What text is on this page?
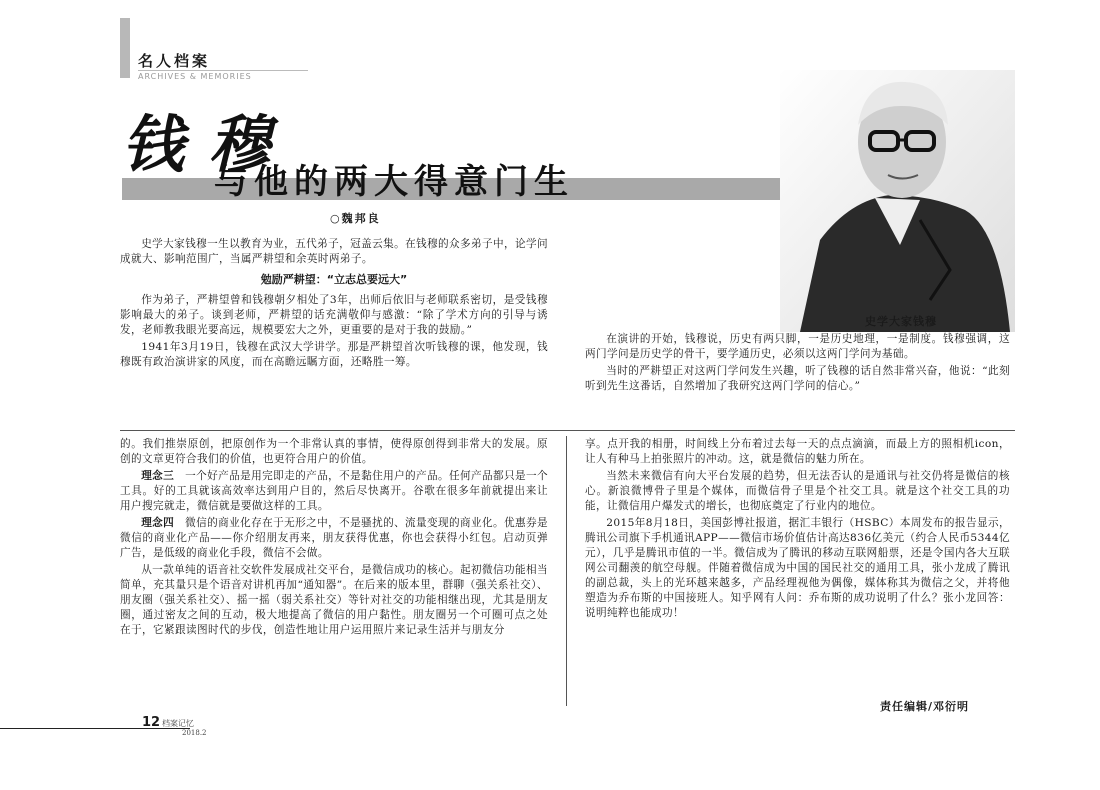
名人档案
ARCHIVES & MEMORIES
钱穆
与他的两大得意门生
○魏邦良
史学大家钱穆

史学大家钱穆一生以教育为业，五代弟子，冠盖云集。在钱穆的众多弟子中，论学问成就大、影响范围广，当属严耕望和余英时两弟子。

勉励严耕望：“立志总要远大”

作为弟子，严耕望曾和钱穆朝夕相处了3年，出师后依旧与老师联系密切，是受钱穆影响最大的弟子。谈到老师，严耕望的话充满敬仰与感激：“除了学术方向的引导与诱发，老师教我眼光要高远，规模要宏大之外，更重要的是对于我的鼓励。”

1941年3月19日，钱穆在武汉大学讲学。那是严耕望首次听钱穆的课，他发现，钱穆既有政治演讲家的风度，而在高瞻远瞩方面，还略胜一筹。

在演讲的开始，钱穆说，历史有两只脚，一是历史地理，一是制度。钱穆强调，这两门学问是历史学的骨干，要学通历史，必须以这两门学问为基础。

当时的严耕望正对这两门学问发生兴趣，听了钱穆的话自然非常兴奋，他说：“此刻听到先生这番话，自然增加了我研究这两门学问的信心。”

的。我们推崇原创，把原创作为一个非常认真的事情，使得原创得到非常大的发展。原创的文章更符合我们的价值，也更符合用户的价值。

理念三　 一个好产品是用完即走的产品，不是黏住用户的产品。任何产品都只是一个工具。好的工具就该高效率达到用户目的，然后尽快离开。谷歌在很多年前就提出来让用户搜完就走，微信就是要做这样的工具。

理念四　 微信的商业化存在于无形之中，不是骚扰的、流量变现的商业化。优惠券是微信的商业化产品——你介绍朋友再来，朋友获得优惠，你也会获得小红包。启动页弹广告，是低级的商业化手段，微信不会做。

从一款单纯的语音社交软件发展成社交平台，是微信成功的核心。起初微信功能相当简单，充其量只是个语音对讲机再加“通知器”。在后来的版本里，群聊（强关系社交）、朋友圈（强关系社交）、摇一摇（弱关系社交）等针对社交的功能相继出现，尤其是朋友圈，通过密友之间的互动，极大地提高了微信的用户黏性。朋友圈另一个可圈可点之处在于，它紧跟读图时代的步伐，创造性地让用户运用照片来记录生活并与朋友分

享。点开我的相册，时间线上分布着过去每一天的点点滴滴，而最上方的照相机icon，让人有种马上拍张照片的冲动。这，就是微信的魅力所在。

当然未来微信有向大平台发展的趋势，但无法否认的是通讯与社交仍将是微信的核心。新浪微博骨子里是个媒体，而微信骨子里是个社交工具。就是这个社交工具的功能，让微信用户爆发式的增长，也彻底奠定了行业内的地位。

2015年8月18日，美国彭博社报道，据汇丰银行（HSBC）本周发布的报告显示，腾讯公司旗下手机通讯APP——微信市场价值估计高达836亿美元（约合人民币5344亿元），几乎是腾讯市值的一半。微信成为了腾讯的移动互联网船票，还是令国内各大互联网公司翻羡的航空母舰。伴随着微信成为中国的国民社交的通用工具，张小龙成了腾讯的副总裁，头上的光环越来越多，产品经理视他为偶像，媒体称其为微信之父，并将他塑造为乔布斯的中国接班人。知乎网有人问：乔布斯的成功说明了什么？张小龙回答：说明纯粹也能成功！

责任编辑/邓衍明
12 档案记忆
2018.2
